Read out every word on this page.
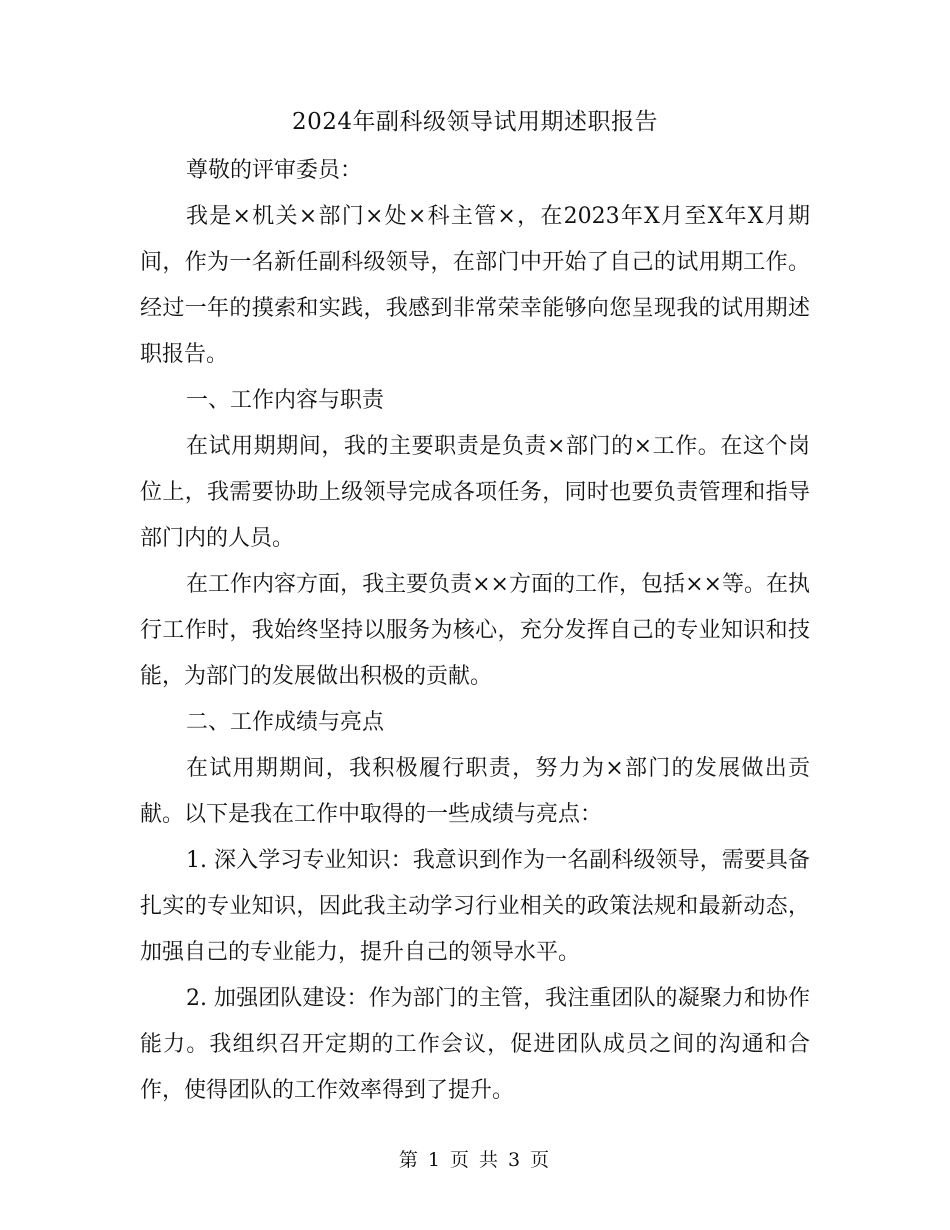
2024年副科级领导试用期述职报告

尊敬的评审委员：

我是×机关×部门×处×科主管×，在2023年X月至X年X月期间，作为一名新任副科级领导，在部门中开始了自己的试用期工作。经过一年的摸索和实践，我感到非常荣幸能够向您呈现我的试用期述职报告。

一、工作内容与职责

在试用期期间，我的主要职责是负责×部门的×工作。在这个岗位上，我需要协助上级领导完成各项任务，同时也要负责管理和指导部门内的人员。

在工作内容方面，我主要负责××方面的工作，包括××等。在执行工作时，我始终坚持以服务为核心，充分发挥自己的专业知识和技能，为部门的发展做出积极的贡献。

二、工作成绩与亮点

在试用期期间，我积极履行职责，努力为×部门的发展做出贡献。以下是我在工作中取得的一些成绩与亮点：

1. 深入学习专业知识：我意识到作为一名副科级领导，需要具备扎实的专业知识，因此我主动学习行业相关的政策法规和最新动态，加强自己的专业能力，提升自己的领导水平。

2. 加强团队建设：作为部门的主管，我注重团队的凝聚力和协作能力。我组织召开定期的工作会议，促进团队成员之间的沟通和合作，使得团队的工作效率得到了提升。

第 1 页 共 3 页
